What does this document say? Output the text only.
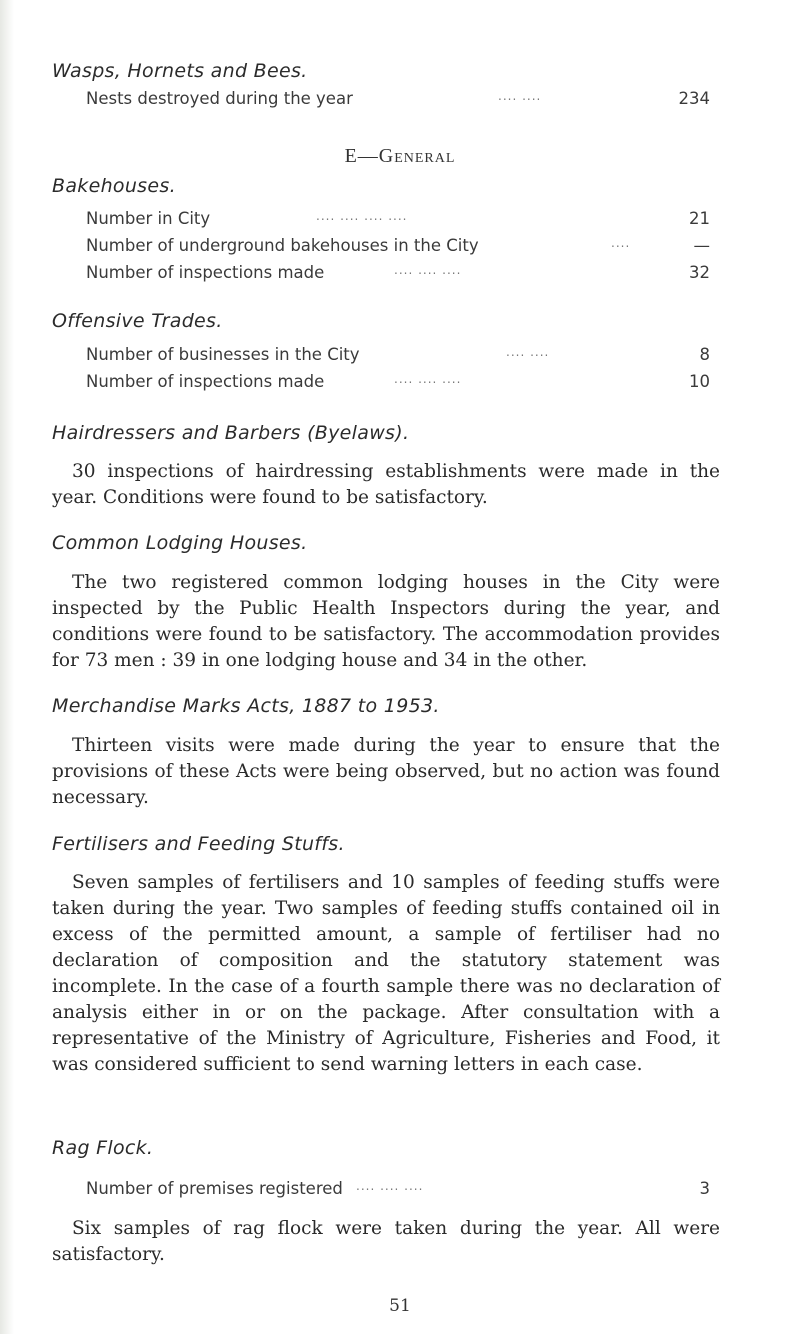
Wasps, Hornets and Bees.
Nests destroyed during the year	.... ....	234
E—General
Bakehouses.
Number in City	.... .... .... ....	21
Number of underground bakehouses in the City	....	—
Number of inspections made	.... .... ....	32
Offensive Trades.
Number of businesses in the City	.... ....	8
Number of inspections made	.... .... ....	10
Hairdressers and Barbers (Byelaws).

30 inspections of hairdressing establishments were made in the year. Conditions were found to be satisfactory.

Common Lodging Houses.

The two registered common lodging houses in the City were inspected by the Public Health Inspectors during the year, and conditions were found to be satisfactory. The accommodation provides for 73 men : 39 in one lodging house and 34 in the other.

Merchandise Marks Acts, 1887 to 1953.

Thirteen visits were made during the year to ensure that the provisions of these Acts were being observed, but no action was found necessary.

Fertilisers and Feeding Stuffs.

Seven samples of fertilisers and 10 samples of feeding stuffs were taken during the year. Two samples of feeding stuffs contained oil in excess of the permitted amount, a sample of fertiliser had no declaration of composition and the statutory statement was incomplete. In the case of a fourth sample there was no declaration of analysis either in or on the package. After consultation with a representative of the Ministry of Agriculture, Fisheries and Food, it was considered sufficient to send warning letters in each case.

Rag Flock.
Number of premises registered .... .... ....	3

Six samples of rag flock were taken during the year. All were satisfactory.

51
